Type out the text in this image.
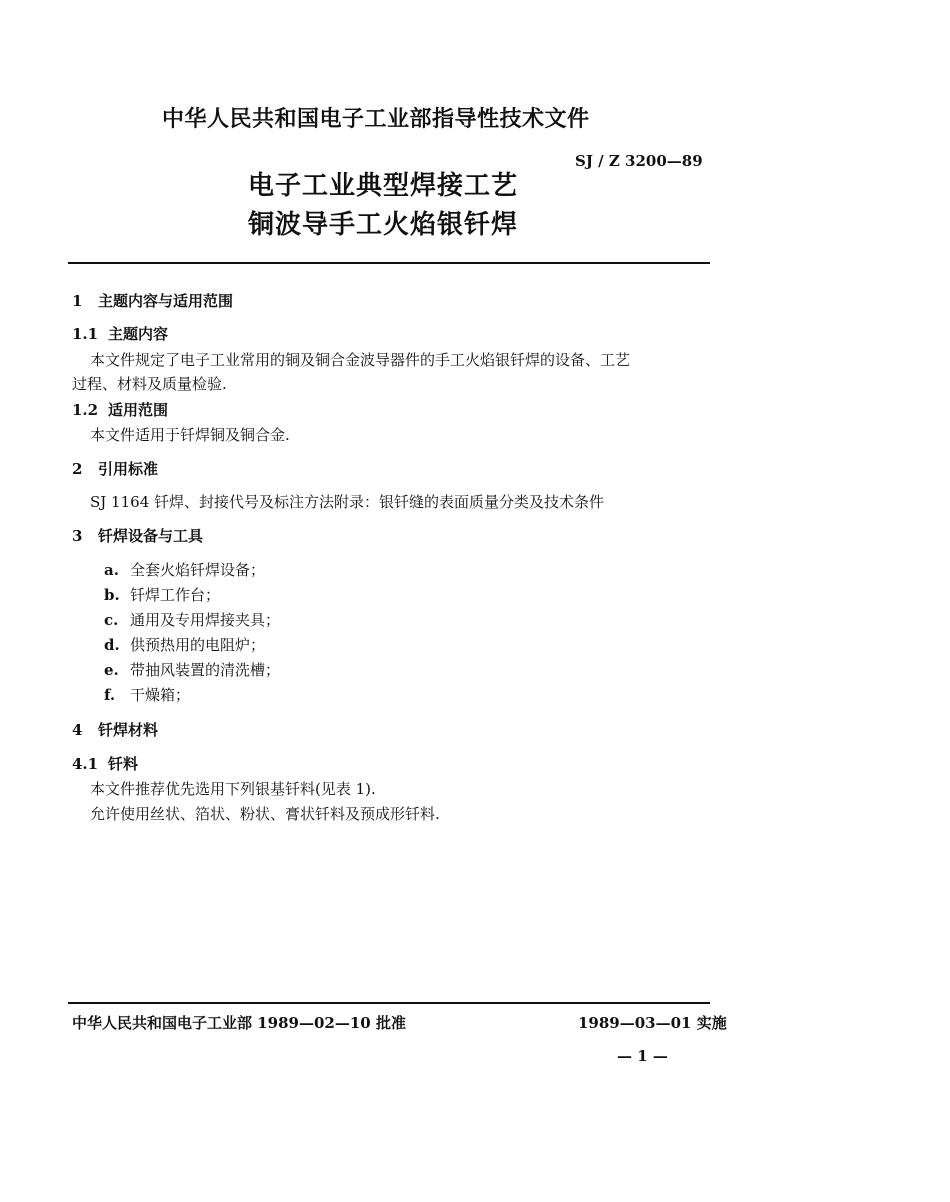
中华人民共和国电子工业部指导性技术文件
SJ / Z 3200—89
电子工业典型焊接工艺
铜波导手工火焰银钎焊
1 主题内容与适用范围
1.1 主题内容
本文件规定了电子工业常用的铜及铜合金波导器件的手工火焰银钎焊的设备、工艺
过程、材料及质量检验.
1.2 适用范围
本文件适用于钎焊铜及铜合金.
2 引用标准
SJ 1164 钎焊、封接代号及标注方法附录：银钎缝的表面质量分类及技术条件
3 钎焊设备与工具
a. 全套火焰钎焊设备；
b. 钎焊工作台；
c. 通用及专用焊接夹具；
d. 供预热用的电阻炉；
e. 带抽风装置的清洗槽；
f. 干燥箱；
4 钎焊材料
4.1 钎料
本文件推荐优先选用下列银基钎料(见表 1).
允许使用丝状、箔状、粉状、膏状钎料及预成形钎料.
中华人民共和国电子工业部 1989—02—10 批准	1989—03—01 实施
— 1 —
